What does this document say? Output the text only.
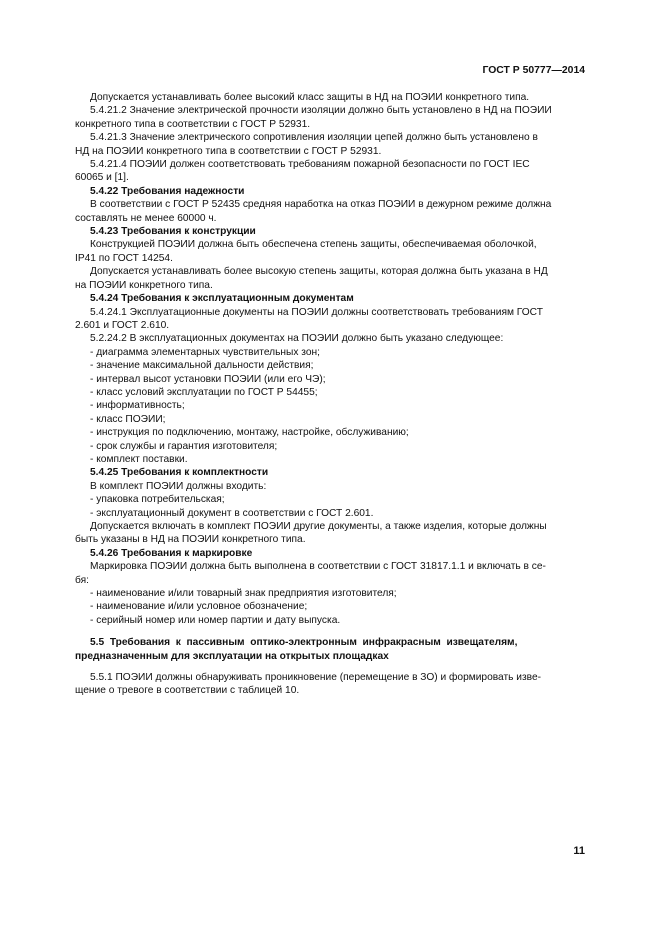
ГОСТ Р 50777—2014
Допускается устанавливать более высокий класс защиты в НД на ПОЭИИ конкретного типа.
5.4.21.2 Значение электрической прочности изоляции должно быть установлено в НД на ПОЭИИ
конкретного типа в соответствии с ГОСТ Р 52931.
5.4.21.3 Значение электрического сопротивления изоляции цепей должно быть установлено в
НД на ПОЭИИ конкретного типа в соответствии с ГОСТ Р 52931.
5.4.21.4 ПОЭИИ должен соответствовать требованиям пожарной безопасности по ГОСТ IEC
60065 и [1].
5.4.22 Требования надежности
В соответствии с ГОСТ Р 52435 средняя наработка на отказ ПОЭИИ в дежурном режиме должна
составлять не менее 60000 ч.
5.4.23 Требования к конструкции
Конструкцией ПОЭИИ должна быть обеспечена степень защиты, обеспечиваемая оболочкой,
IP41 по ГОСТ 14254.
Допускается устанавливать более высокую степень защиты, которая должна быть указана в НД
на ПОЭИИ конкретного типа.
5.4.24 Требования к эксплуатационным документам
5.4.24.1 Эксплуатационные документы на ПОЭИИ должны соответствовать требованиям ГОСТ
2.601 и ГОСТ 2.610.
5.2.24.2 В эксплуатационных документах на ПОЭИИ должно быть указано следующее:
- диаграмма элементарных чувствительных зон;
- значение максимальной дальности действия;
- интервал высот установки ПОЭИИ (или его ЧЭ);
- класс условий эксплуатации по ГОСТ Р 54455;
- информативность;
- класс ПОЭИИ;
- инструкция по подключению, монтажу, настройке, обслуживанию;
- срок службы и гарантия изготовителя;
- комплект поставки.
5.4.25 Требования к комплектности
В комплект ПОЭИИ должны входить:
- упаковка потребительская;
- эксплуатационный документ в соответствии с ГОСТ 2.601.
Допускается включать в комплект ПОЭИИ другие документы, а также изделия, которые должны
быть указаны в НД на ПОЭИИ конкретного типа.
5.4.26 Требования к маркировке
Маркировка ПОЭИИ должна быть выполнена в соответствии с ГОСТ 31817.1.1 и включать в се-
бя:
- наименование и/или товарный знак предприятия изготовителя;
- наименование и/или условное обозначение;
- серийный номер или номер партии и дату выпуска.
5.5  Требования  к  пассивным  оптико-электронным  инфракрасным  извещателям,
предназначенным для эксплуатации на открытых площадках
5.5.1 ПОЭИИ должны обнаруживать проникновение (перемещение в ЗО) и формировать изве-
щение о тревоге в соответствии с таблицей 10.
11
